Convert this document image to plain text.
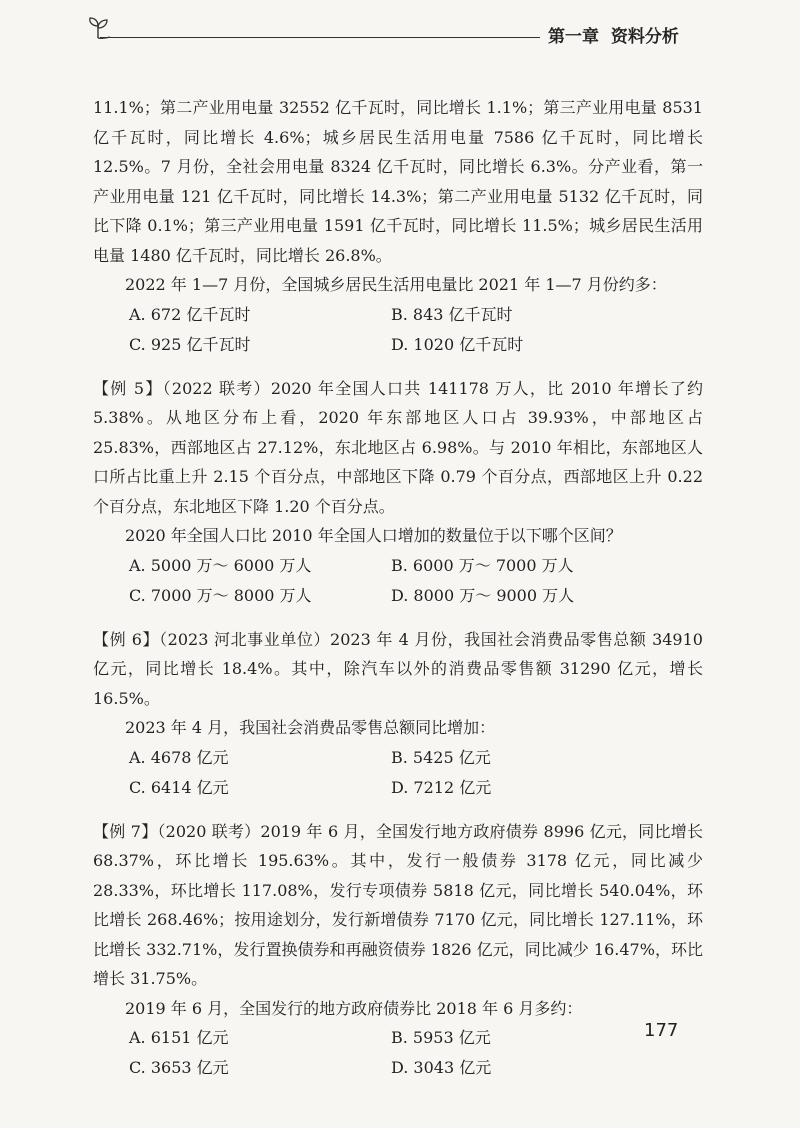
第一章 资料分析

11.1%；第二产业用电量 32552 亿千瓦时，同比增长 1.1%；第三产业用电量 8531 亿千瓦时，同比增长 4.6%；城乡居民生活用电量 7586 亿千瓦时，同比增长 12.5%。7 月份，全社会用电量 8324 亿千瓦时，同比增长 6.3%。分产业看，第一产业用电量 121 亿千瓦时，同比增长 14.3%；第二产业用电量 5132 亿千瓦时，同比下降 0.1%；第三产业用电量 1591 亿千瓦时，同比增长 11.5%；城乡居民生活用电量 1480 亿千瓦时，同比增长 26.8%。

2022 年 1—7 月份，全国城乡居民生活用电量比 2021 年 1—7 月份约多：

A. 672 亿千瓦时	B. 843 亿千瓦时
C. 925 亿千瓦时	D. 1020 亿千瓦时

【例 5】（2022 联考）2020 年全国人口共 141178 万人，比 2010 年增长了约 5.38%。从地区分布上看，2020 年东部地区人口占 39.93%，中部地区占 25.83%，西部地区占 27.12%，东北地区占 6.98%。与 2010 年相比，东部地区人口所占比重上升 2.15 个百分点，中部地区下降 0.79 个百分点，西部地区上升 0.22 个百分点，东北地区下降 1.20 个百分点。

2020 年全国人口比 2010 年全国人口增加的数量位于以下哪个区间？

A. 5000 万～ 6000 万人	B. 6000 万～ 7000 万人
C. 7000 万～ 8000 万人	D. 8000 万～ 9000 万人

【例 6】（2023 河北事业单位）2023 年 4 月份，我国社会消费品零售总额 34910 亿元，同比增长 18.4%。其中，除汽车以外的消费品零售额 31290 亿元，增长 16.5%。

2023 年 4 月，我国社会消费品零售总额同比增加：

A. 4678 亿元	B. 5425 亿元
C. 6414 亿元	D. 7212 亿元

【例 7】（2020 联考）2019 年 6 月，全国发行地方政府债券 8996 亿元，同比增长 68.37%，环比增长 195.63%。其中，发行一般债券 3178 亿元，同比减少 28.33%，环比增长 117.08%，发行专项债券 5818 亿元，同比增长 540.04%，环比增长 268.46%；按用途划分，发行新增债券 7170 亿元，同比增长 127.11%，环比增长 332.71%，发行置换债券和再融资债券 1826 亿元，同比减少 16.47%，环比增长 31.75%。

2019 年 6 月，全国发行的地方政府债券比 2018 年 6 月多约：

A. 6151 亿元	B. 5953 亿元
C. 3653 亿元	D. 3043 亿元
177
